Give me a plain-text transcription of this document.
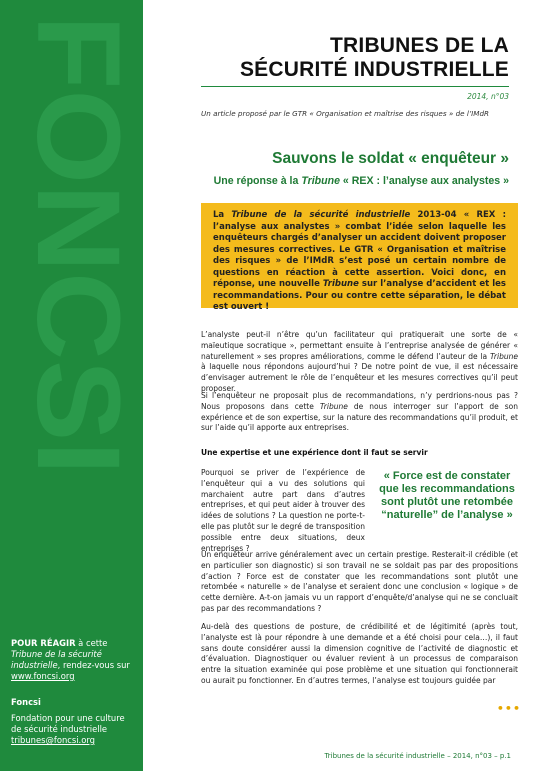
FONCSI
POUR RÉAGIR à cette Tribune de la sécurité industrielle, rendez-vous sur
www.foncsi.org
Foncsi
Fondation pour une culture de sécurité industrielle
tribunes@foncsi.org
TRIBUNES DE LA
SÉCURITÉ INDUSTRIELLE
2014, n°03
Un article proposé par le GTR « Organisation et maîtrise des risques » de l’IMdR
Sauvons le soldat « enquêteur »
Une réponse à la Tribune « REX : l’analyse aux analystes »
La Tribune de la sécurité industrielle 2013-04 « REX : l’analyse aux analystes » combat l’idée selon laquelle les enquêteurs chargés d’analyser un accident doivent proposer des mesures correctives. Le GTR « Organisation et maîtrise des risques » de l’IMdR s’est posé un certain nombre de questions en réaction à cette assertion. Voici donc, en réponse, une nouvelle Tribune sur l’analyse d’accident et les recommandations. Pour ou contre cette séparation, le débat est ouvert !
L’analyste peut-il n’être qu’un facilitateur qui pratiquerait une sorte de « maïeutique socratique », permettant ensuite à l’entreprise analysée de générer « naturellement » ses propres améliorations, comme le défend l’auteur de la Tribune à laquelle nous répondons aujourd’hui ? De notre point de vue, il est nécessaire d’envisager autrement le rôle de l’enquêteur et les mesures correctives qu’il peut proposer.
Si l’enquêteur ne proposait plus de recommandations, n’y perdrions-nous pas ? Nous proposons dans cette Tribune de nous interroger sur l’apport de son expérience et de son expertise, sur la nature des recommandations qu’il produit, et sur l’aide qu’il apporte aux entreprises.
Une expertise et une expérience dont il faut se servir
Pourquoi se priver de l’expérience de l’enquêteur qui a vu des solutions qui marchaient autre part dans d’autres entreprises, et qui peut aider à trouver des idées de solutions ? La question ne porte-t-elle pas plutôt sur le degré de transposition possible entre deux situations, deux entreprises ?
« Force est de constater que les recommandations sont plutôt une retombée “naturelle” de l’analyse »
Un enquêteur arrive généralement avec un certain prestige. Resterait-il crédible (et en particulier son diagnostic) si son travail ne se soldait pas par des propositions d’action ? Force est de constater que les recommandations sont plutôt une retombée « naturelle » de l’analyse et seraient donc une conclusion « logique » de cette dernière. A-t-on jamais vu un rapport d’enquête/d’analyse qui ne se concluait pas par des recommandations ?
Au-delà des questions de posture, de crédibilité et de légitimité (après tout, l’analyste est là pour répondre à une demande et a été choisi pour cela…), il faut sans doute considérer aussi la dimension cognitive de l’activité de diagnostic et d’évaluation. Diagnostiquer ou évaluer revient à un processus de comparaison entre la situation examinée qui pose problème et une situation qui fonctionnerait ou aurait pu fonctionner. En d’autres termes, l’analyse est toujours guidée par
•••
Tribunes de la sécurité industrielle – 2014, n°03 – p.1
